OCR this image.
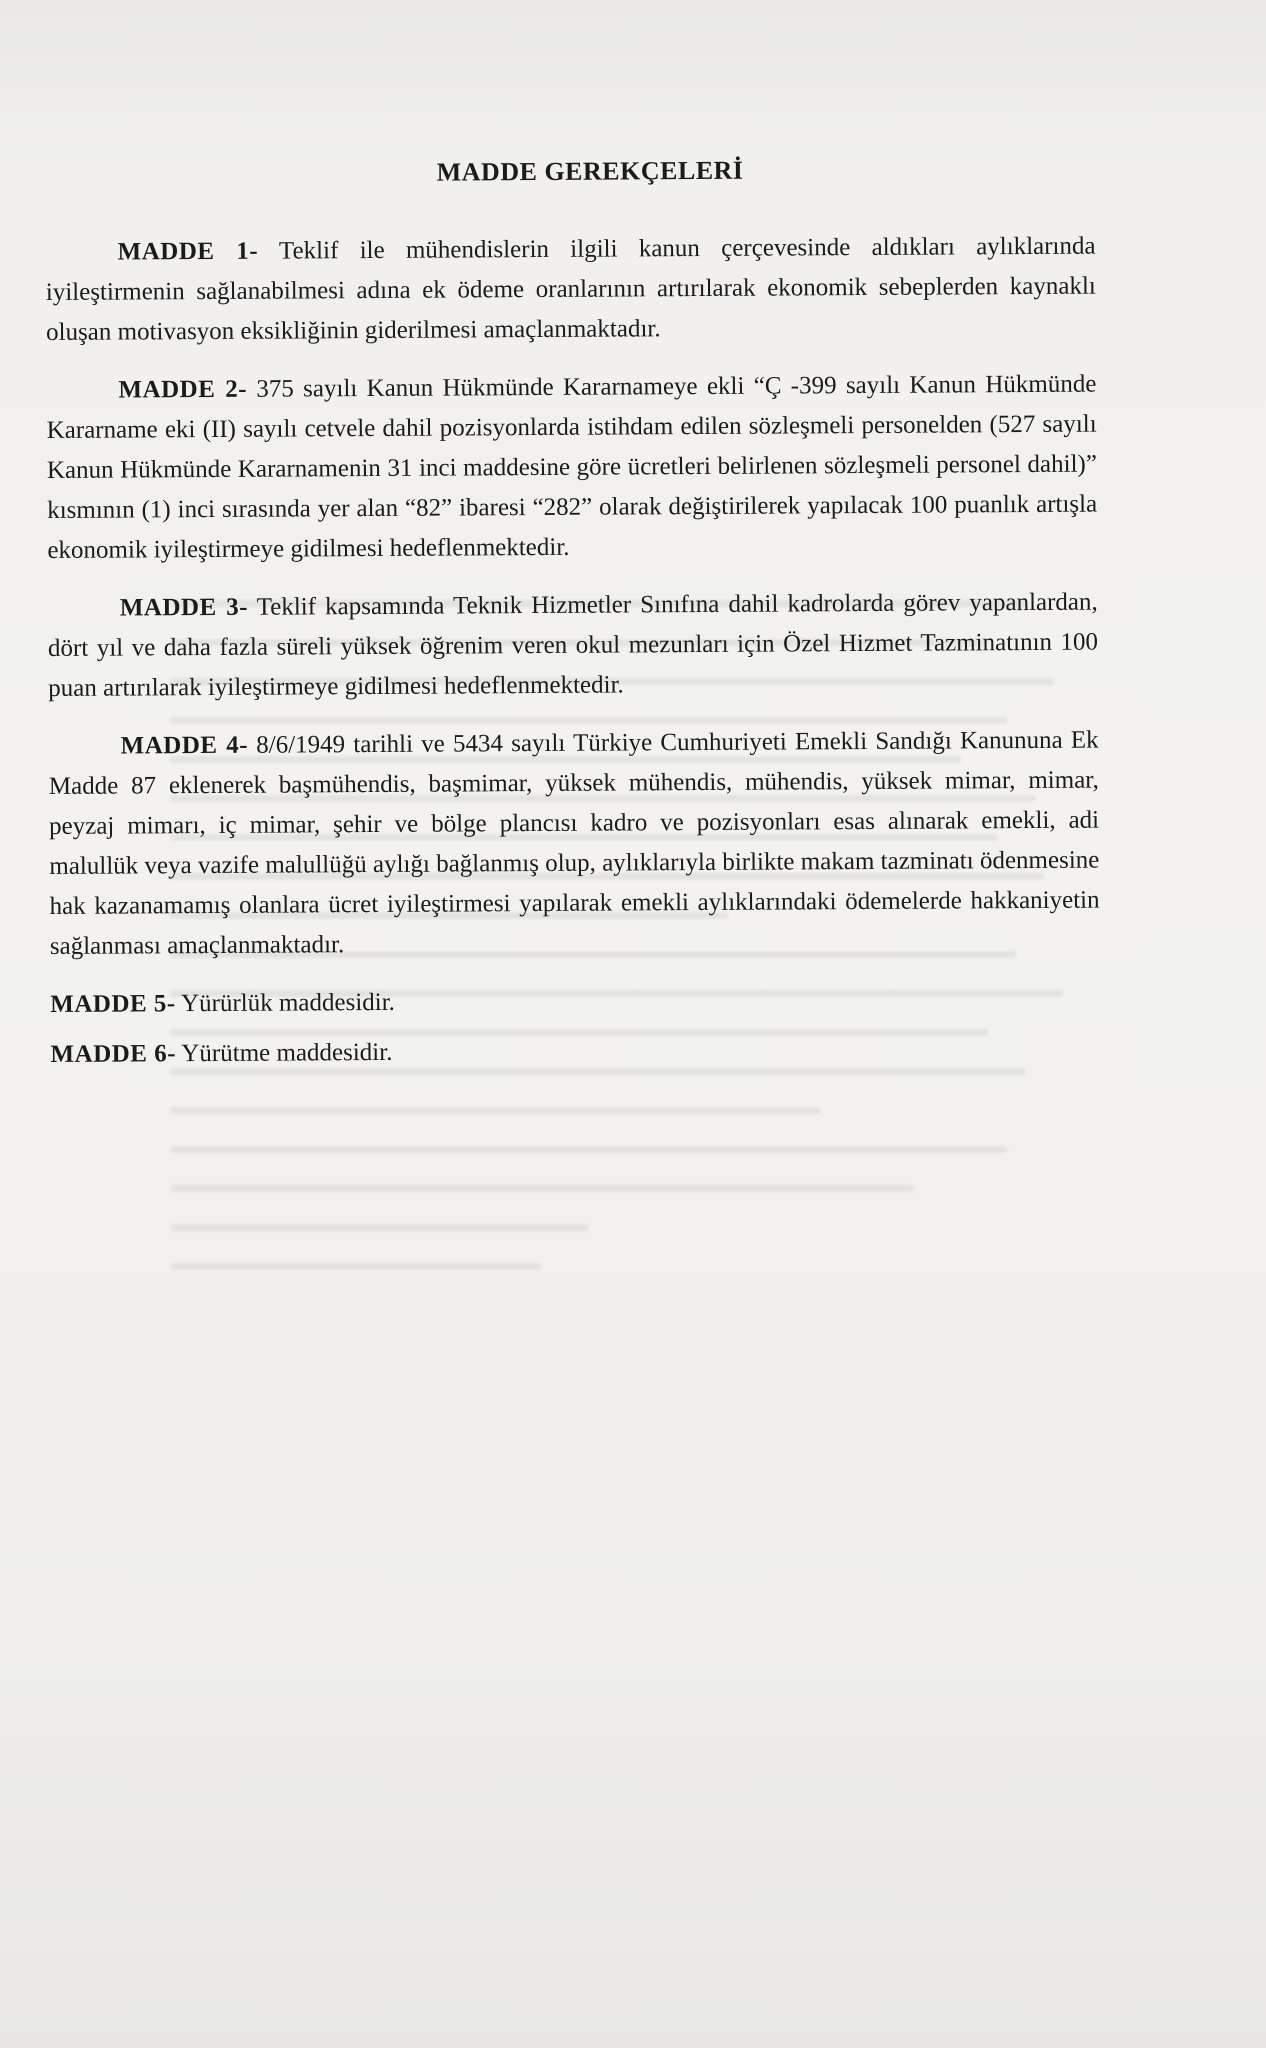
MADDE GEREKÇELERİ

MADDE 1- Teklif ile mühendislerin ilgili kanun çerçevesinde aldıkları aylıklarında iyileştirmenin sağlanabilmesi adına ek ödeme oranlarının artırılarak ekonomik sebeplerden kaynaklı oluşan motivasyon eksikliğinin giderilmesi amaçlanmaktadır.

MADDE 2- 375 sayılı Kanun Hükmünde Kararnameye ekli “Ç -399 sayılı Kanun Hükmünde Kararname eki (II) sayılı cetvele dahil pozisyonlarda istihdam edilen sözleşmeli personelden (527 sayılı Kanun Hükmünde Kararnamenin 31 inci maddesine göre ücretleri belirlenen sözleşmeli personel dahil)” kısmının (1) inci sırasında yer alan “82” ibaresi “282” olarak değiştirilerek yapılacak 100 puanlık artışla ekonomik iyileştirmeye gidilmesi hedeflenmektedir.

MADDE 3- Teklif kapsamında Teknik Hizmetler Sınıfına dahil kadrolarda görev yapanlardan, dört yıl ve daha fazla süreli yüksek öğrenim veren okul mezunları için Özel Hizmet Tazminatının 100 puan artırılarak iyileştirmeye gidilmesi hedeflenmektedir.

MADDE 4- 8/6/1949 tarihli ve 5434 sayılı Türkiye Cumhuriyeti Emekli Sandığı Kanununa Ek Madde 87 eklenerek başmühendis, başmimar, yüksek mühendis, mühendis, yüksek mimar, mimar, peyzaj mimarı, iç mimar, şehir ve bölge plancısı kadro ve pozisyonları esas alınarak emekli, adi malullük veya vazife malullüğü aylığı bağlanmış olup, aylıklarıyla birlikte makam tazminatı ödenmesine hak kazanamamış olanlara ücret iyileştirmesi yapılarak emekli aylıklarındaki ödemelerde hakkaniyetin sağlanması amaçlanmaktadır.

MADDE 5- Yürürlük maddesidir.

MADDE 6- Yürütme maddesidir.
